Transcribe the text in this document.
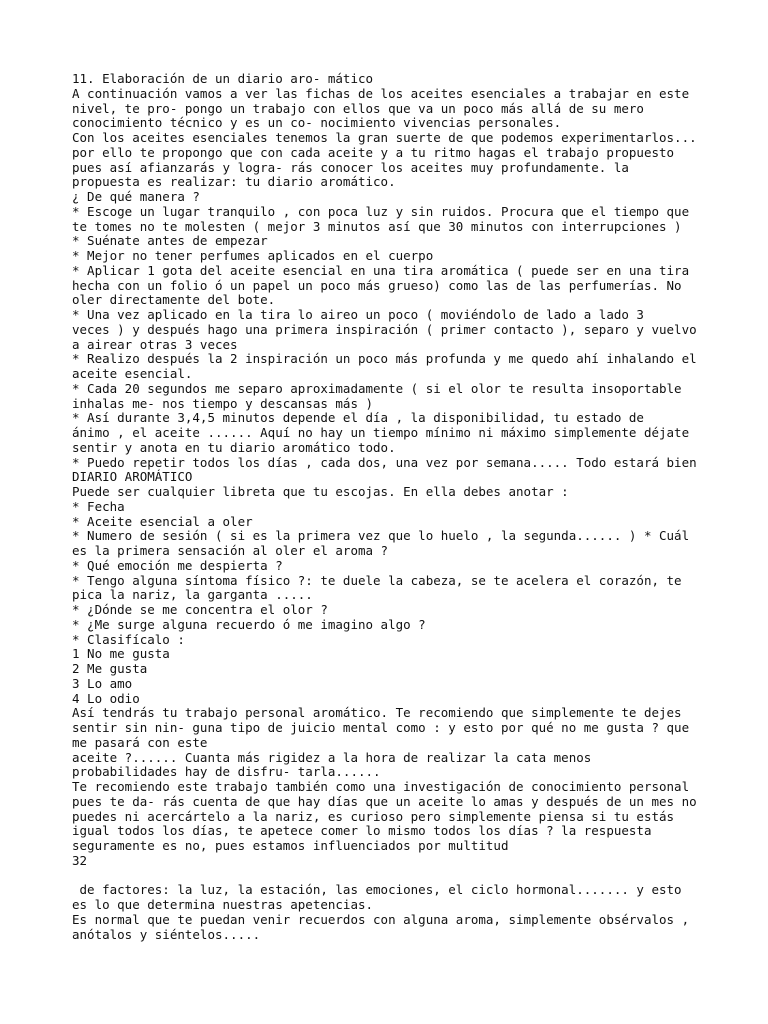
11. Elaboración de un diario aro- mático
A continuación vamos a ver las fichas de los aceites esenciales a trabajar en este
nivel, te pro- pongo un trabajo con ellos que va un poco más allá de su mero
conocimiento técnico y es un co- nocimiento vivencias personales.
Con los aceites esenciales tenemos la gran suerte de que podemos experimentarlos...
por ello te propongo que con cada aceite y a tu ritmo hagas el trabajo propuesto
pues así afianzarás y logra- rás conocer los aceites muy profundamente. la
propuesta es realizar: tu diario aromático.
¿ De qué manera ?
* Escoge un lugar tranquilo , con poca luz y sin ruidos. Procura que el tiempo que
te tomes no te molesten ( mejor 3 minutos así que 30 minutos con interrupciones )
* Suénate antes de empezar
* Mejor no tener perfumes aplicados en el cuerpo
* Aplicar 1 gota del aceite esencial en una tira aromática ( puede ser en una tira
hecha con un folio ó un papel un poco más grueso) como las de las perfumerías. No
oler directamente del bote.
* Una vez aplicado en la tira lo aireo un poco ( moviéndolo de lado a lado 3
veces ) y después hago una primera inspiración ( primer contacto ), separo y vuelvo
a airear otras 3 veces
* Realizo después la 2 inspiración un poco más profunda y me quedo ahí inhalando el
aceite esencial.
* Cada 20 segundos me separo aproximadamente ( si el olor te resulta insoportable
inhalas me- nos tiempo y descansas más )
* Así durante 3,4,5 minutos depende el día , la disponibilidad, tu estado de
ánimo , el aceite ...... Aquí no hay un tiempo mínimo ni máximo simplemente déjate
sentir y anota en tu diario aromático todo.
* Puedo repetir todos los días , cada dos, una vez por semana..... Todo estará bien
DIARIO AROMÁTICO
Puede ser cualquier libreta que tu escojas. En ella debes anotar :
* Fecha
* Aceite esencial a oler
* Numero de sesión ( si es la primera vez que lo huelo , la segunda...... ) * Cuál
es la primera sensación al oler el aroma ?
* Qué emoción me despierta ?
* Tengo alguna síntoma físico ?: te duele la cabeza, se te acelera el corazón, te
pica la nariz, la garganta .....
* ¿Dónde se me concentra el olor ?
* ¿Me surge alguna recuerdo ó me imagino algo ?
* Clasifícalo :
1 No me gusta
2 Me gusta
3 Lo amo
4 Lo odio
Así tendrás tu trabajo personal aromático. Te recomiendo que simplemente te dejes
sentir sin nin- guna tipo de juicio mental como : y esto por qué no me gusta ? que
me pasará con este
aceite ?...... Cuanta más rigidez a la hora de realizar la cata menos
probabilidades hay de disfru- tarla......
Te recomiendo este trabajo también como una investigación de conocimiento personal
pues te da- rás cuenta de que hay días que un aceite lo amas y después de un mes no
puedes ni acercártelo a la nariz, es curioso pero simplemente piensa si tu estás
igual todos los días, te apetece comer lo mismo todos los días ? la respuesta
seguramente es no, pues estamos influenciados por multitud
32
de factores: la luz, la estación, las emociones, el ciclo hormonal....... y esto
es lo que determina nuestras apetencias.
Es normal que te puedan venir recuerdos con alguna aroma, simplemente obsérvalos ,
anótalos y siéntelos.....
